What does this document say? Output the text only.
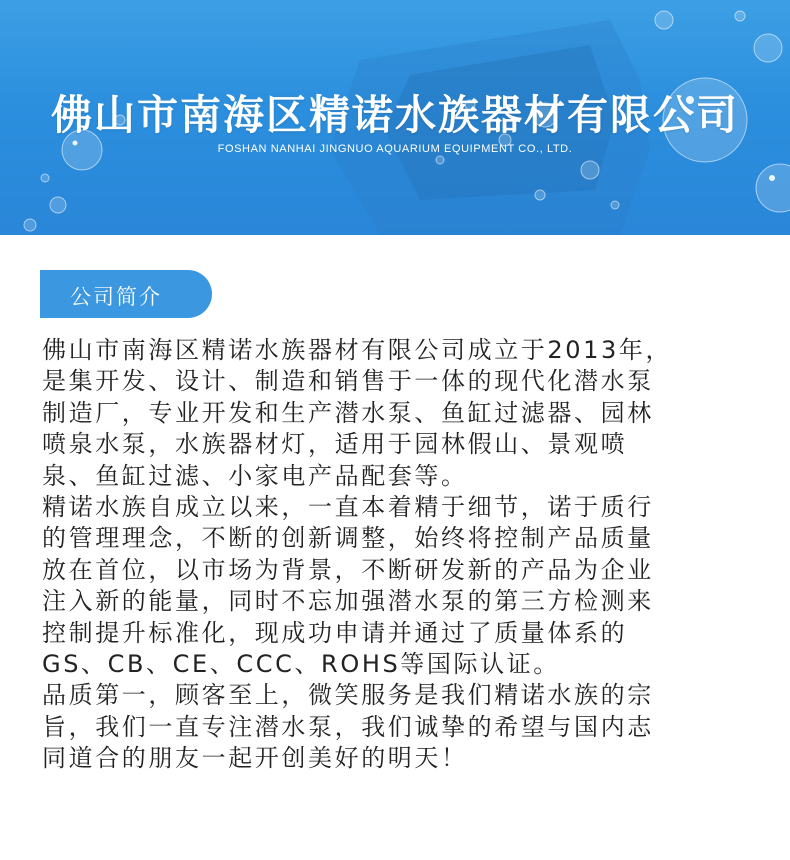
佛山市南海区精诺水族器材有限公司
FOSHAN NANHAI JINGNUO AQUARIUM EQUIPMENT CO., LTD.
公司简介

佛山市南海区精诺水族器材有限公司成立于2013年，

是集开发、设计、制造和销售于一体的现代化潜水泵

制造厂，专业开发和生产潜水泵、鱼缸过滤器、园林

喷泉水泵，水族器材灯，适用于园林假山、景观喷

泉、鱼缸过滤、小家电产品配套等。

精诺水族自成立以来，一直本着精于细节，诺于质行

的管理理念，不断的创新调整，始终将控制产品质量

放在首位，以市场为背景，不断研发新的产品为企业

注入新的能量，同时不忘加强潜水泵的第三方检测来

控制提升标准化，现成功申请并通过了质量体系的

GS、CB、CE、CCC、ROHS等国际认证。

品质第一，顾客至上，微笑服务是我们精诺水族的宗

旨，我们一直专注潜水泵，我们诚挚的希望与国内志

同道合的朋友一起开创美好的明天！
